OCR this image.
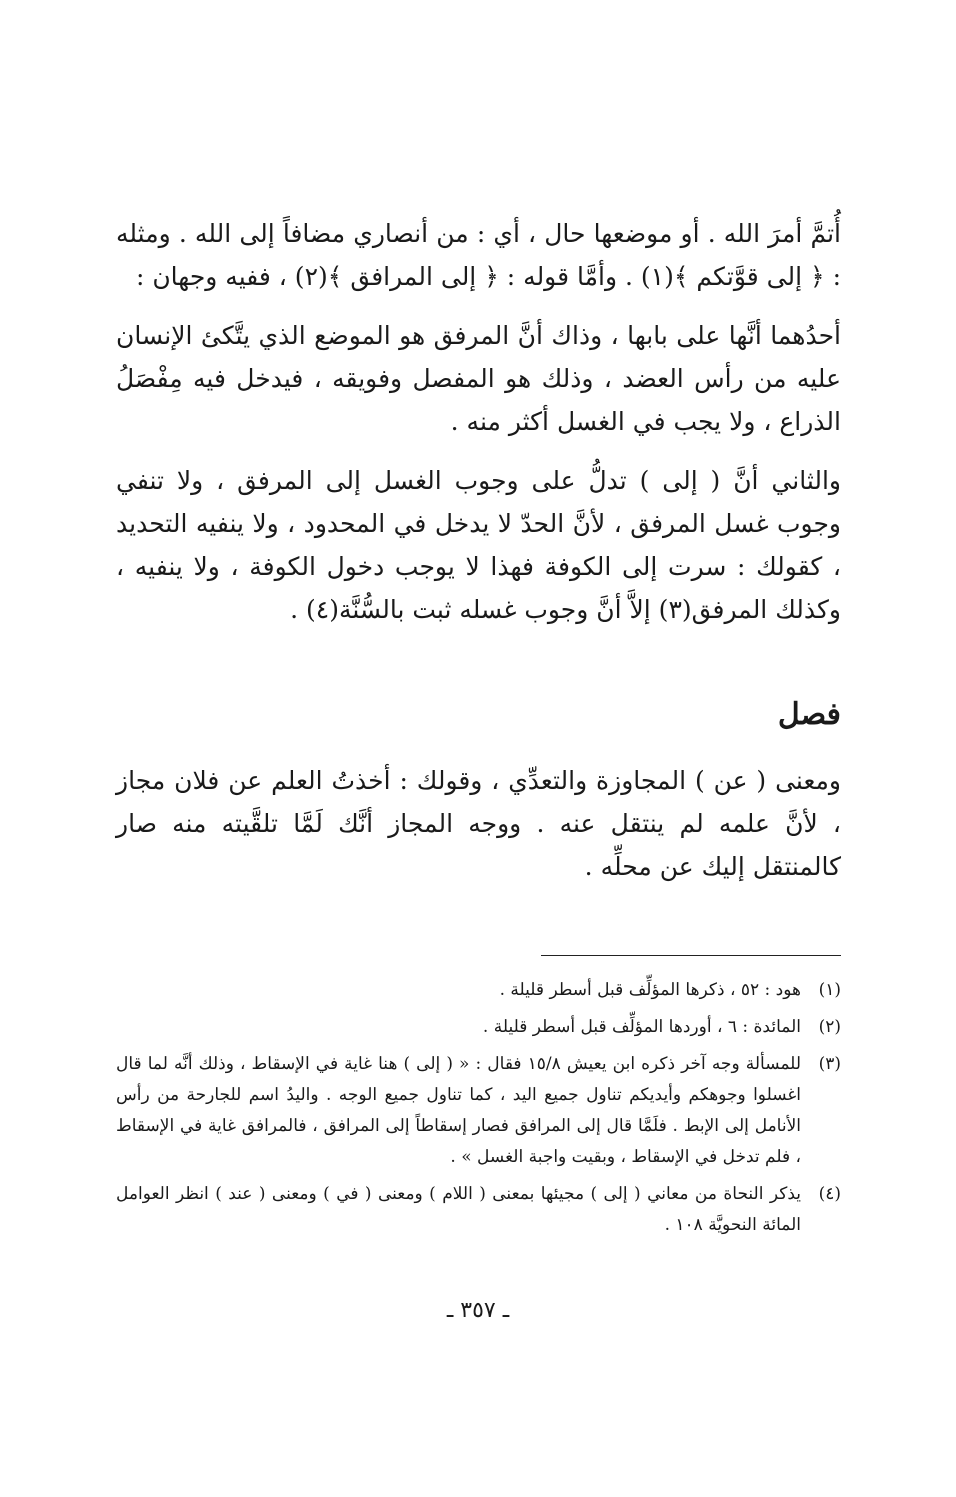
أُتمَّ أمرَ الله . أو موضعها حال ، أي : من أنصاري مضافاً إلى الله . ومثله : ﴿ إلى قوَّتكم ﴾(١) . وأمَّا قوله : ﴿ إلى المرافق ﴾(٢) ، ففيه وجهان :

أحدُهما أنَّها على بابها ، وذاك أنَّ المرفق هو الموضع الذي يتَّكئ الإنسان عليه من رأس العضد ، وذلك هو المفصل وفويقه ، فيدخل فيه مِفْصَلُ الذراع ، ولا يجب في الغسل أكثر منه .

والثاني أنَّ ( إلى ) تدلُّ على وجوب الغسل إلى المرفق ، ولا تنفي وجوب غسل المرفق ، لأنَّ الحدّ لا يدخل في المحدود ، ولا ينفيه التحديد ، كقولك : سرت إلى الكوفة فهذا لا يوجب دخول الكوفة ، ولا ينفيه ، وكذلك المرفق(٣) إلاَّ أنَّ وجوب غسله ثبت بالسُّنَّة(٤) .

فصل

ومعنى ( عن ) المجاوزة والتعدِّي ، وقولك : أخذتُ العلم عن فلان مجاز ، لأنَّ علمه لم ينتقل عنه . ووجه المجاز أنَّك لَمَّا تلقَّيته منه صار كالمنتقل إليك عن محلِّه .

(١)
هود : ٥٢ ، ذكرها المؤلِّف قبل أسطر قليلة .
(٢)
المائدة : ٦ ، أوردها المؤلِّف قبل أسطر قليلة .
(٣)
للمسألة وجه آخر ذكره ابن يعيش ١٥/٨ فقال : « ( إلى ) هنا غاية في الإسقاط ، وذلك أنَّه لما قال اغسلوا وجوهكم وأيديكم تناول جميع اليد ، كما تناول جميع الوجه . واليدُ اسم للجارحة من رأس الأنامل إلى الإبط . فلَمَّا قال إلى المرافق فصار إسقاطاً إلى المرافق ، فالمرافق غاية في الإسقاط ، فلم تدخل في الإسقاط ، وبقيت واجبة الغسل » .
(٤)
يذكر النحاة من معاني ( إلى ) مجيئها بمعنى ( اللام ) ومعنى ( في ) ومعنى ( عند ) انظر العوامل المائة النحويَّة ١٠٨ .
ـ ٣٥٧ ـ
